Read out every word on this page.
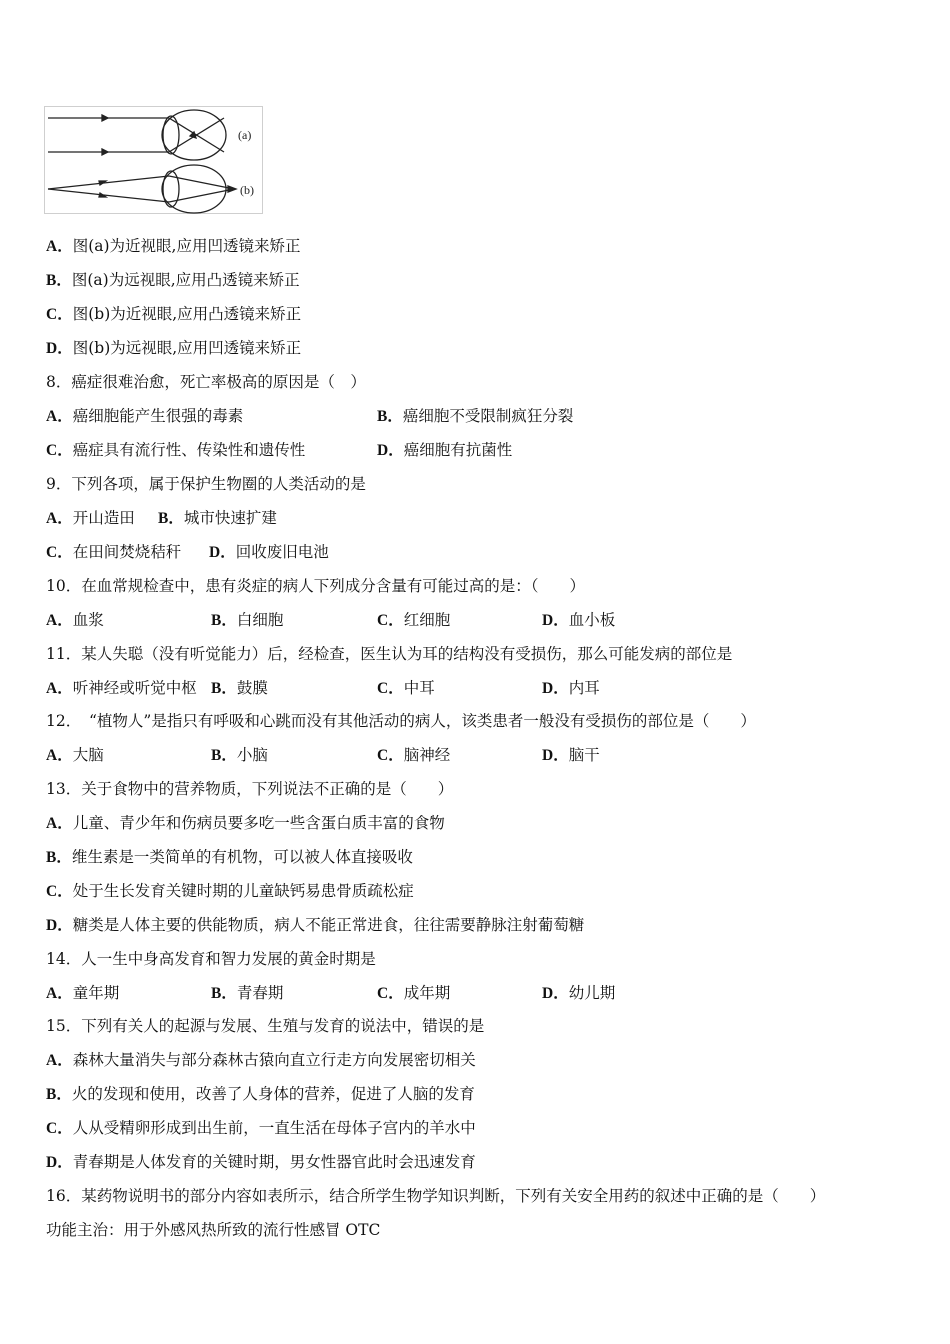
(a)
(b)
A．图(a)为近视眼,应用凹透镜来矫正
B．图(a)为远视眼,应用凸透镜来矫正
C．图(b)为近视眼,应用凸透镜来矫正
D．图(b)为远视眼,应用凹透镜来矫正
8．癌症很难治愈，死亡率极高的原因是（　）
A．癌细胞能产生很强的毒素	B．癌细胞不受限制疯狂分裂
C．癌症具有流行性、传染性和遗传性	D．癌细胞有抗菌性
9．下列各项，属于保护生物圈的人类活动的是
A．开山造田 B．城市快速扩建
C．在田间焚烧秸秆 D．回收废旧电池
10．在血常规检查中，患有炎症的病人下列成分含量有可能过高的是：（　　）
A．血浆	B．白细胞	C．红细胞	D．血小板
11．某人失聪（没有听觉能力）后，经检查，医生认为耳的结构没有受损伤，那么可能发病的部位是
A．听神经或听觉中枢 B．鼓膜	C．中耳	D．内耳
12．　“植物人”是指只有呼吸和心跳而没有其他活动的病人，该类患者一般没有受损伤的部位是（　　）
A．大脑	B．小脑	C．脑神经	D．脑干
13．关于食物中的营养物质，下列说法不正确的是（　　）
A．儿童、青少年和伤病员要多吃一些含蛋白质丰富的食物
B．维生素是一类简单的有机物，可以被人体直接吸收
C．处于生长发育关键时期的儿童缺钙易患骨质疏松症
D．糖类是人体主要的供能物质，病人不能正常进食，往往需要静脉注射葡萄糖
14．人一生中身高发育和智力发展的黄金时期是
A．童年期	B．青春期	C．成年期	D．幼儿期
15．下列有关人的起源与发展、生殖与发育的说法中，错误的是
A．森林大量消失与部分森林古猿向直立行走方向发展密切相关
B．火的发现和使用，改善了人身体的营养，促进了人脑的发育
C．人从受精卵形成到出生前，一直生活在母体子宫内的羊水中
D．青春期是人体发育的关键时期，男女性器官此时会迅速发育
16．某药物说明书的部分内容如表所示，结合所学生物学知识判断，下列有关安全用药的叙述中正确的是（　　）
功能主治：用于外感风热所致的流行性感冒 OTC
